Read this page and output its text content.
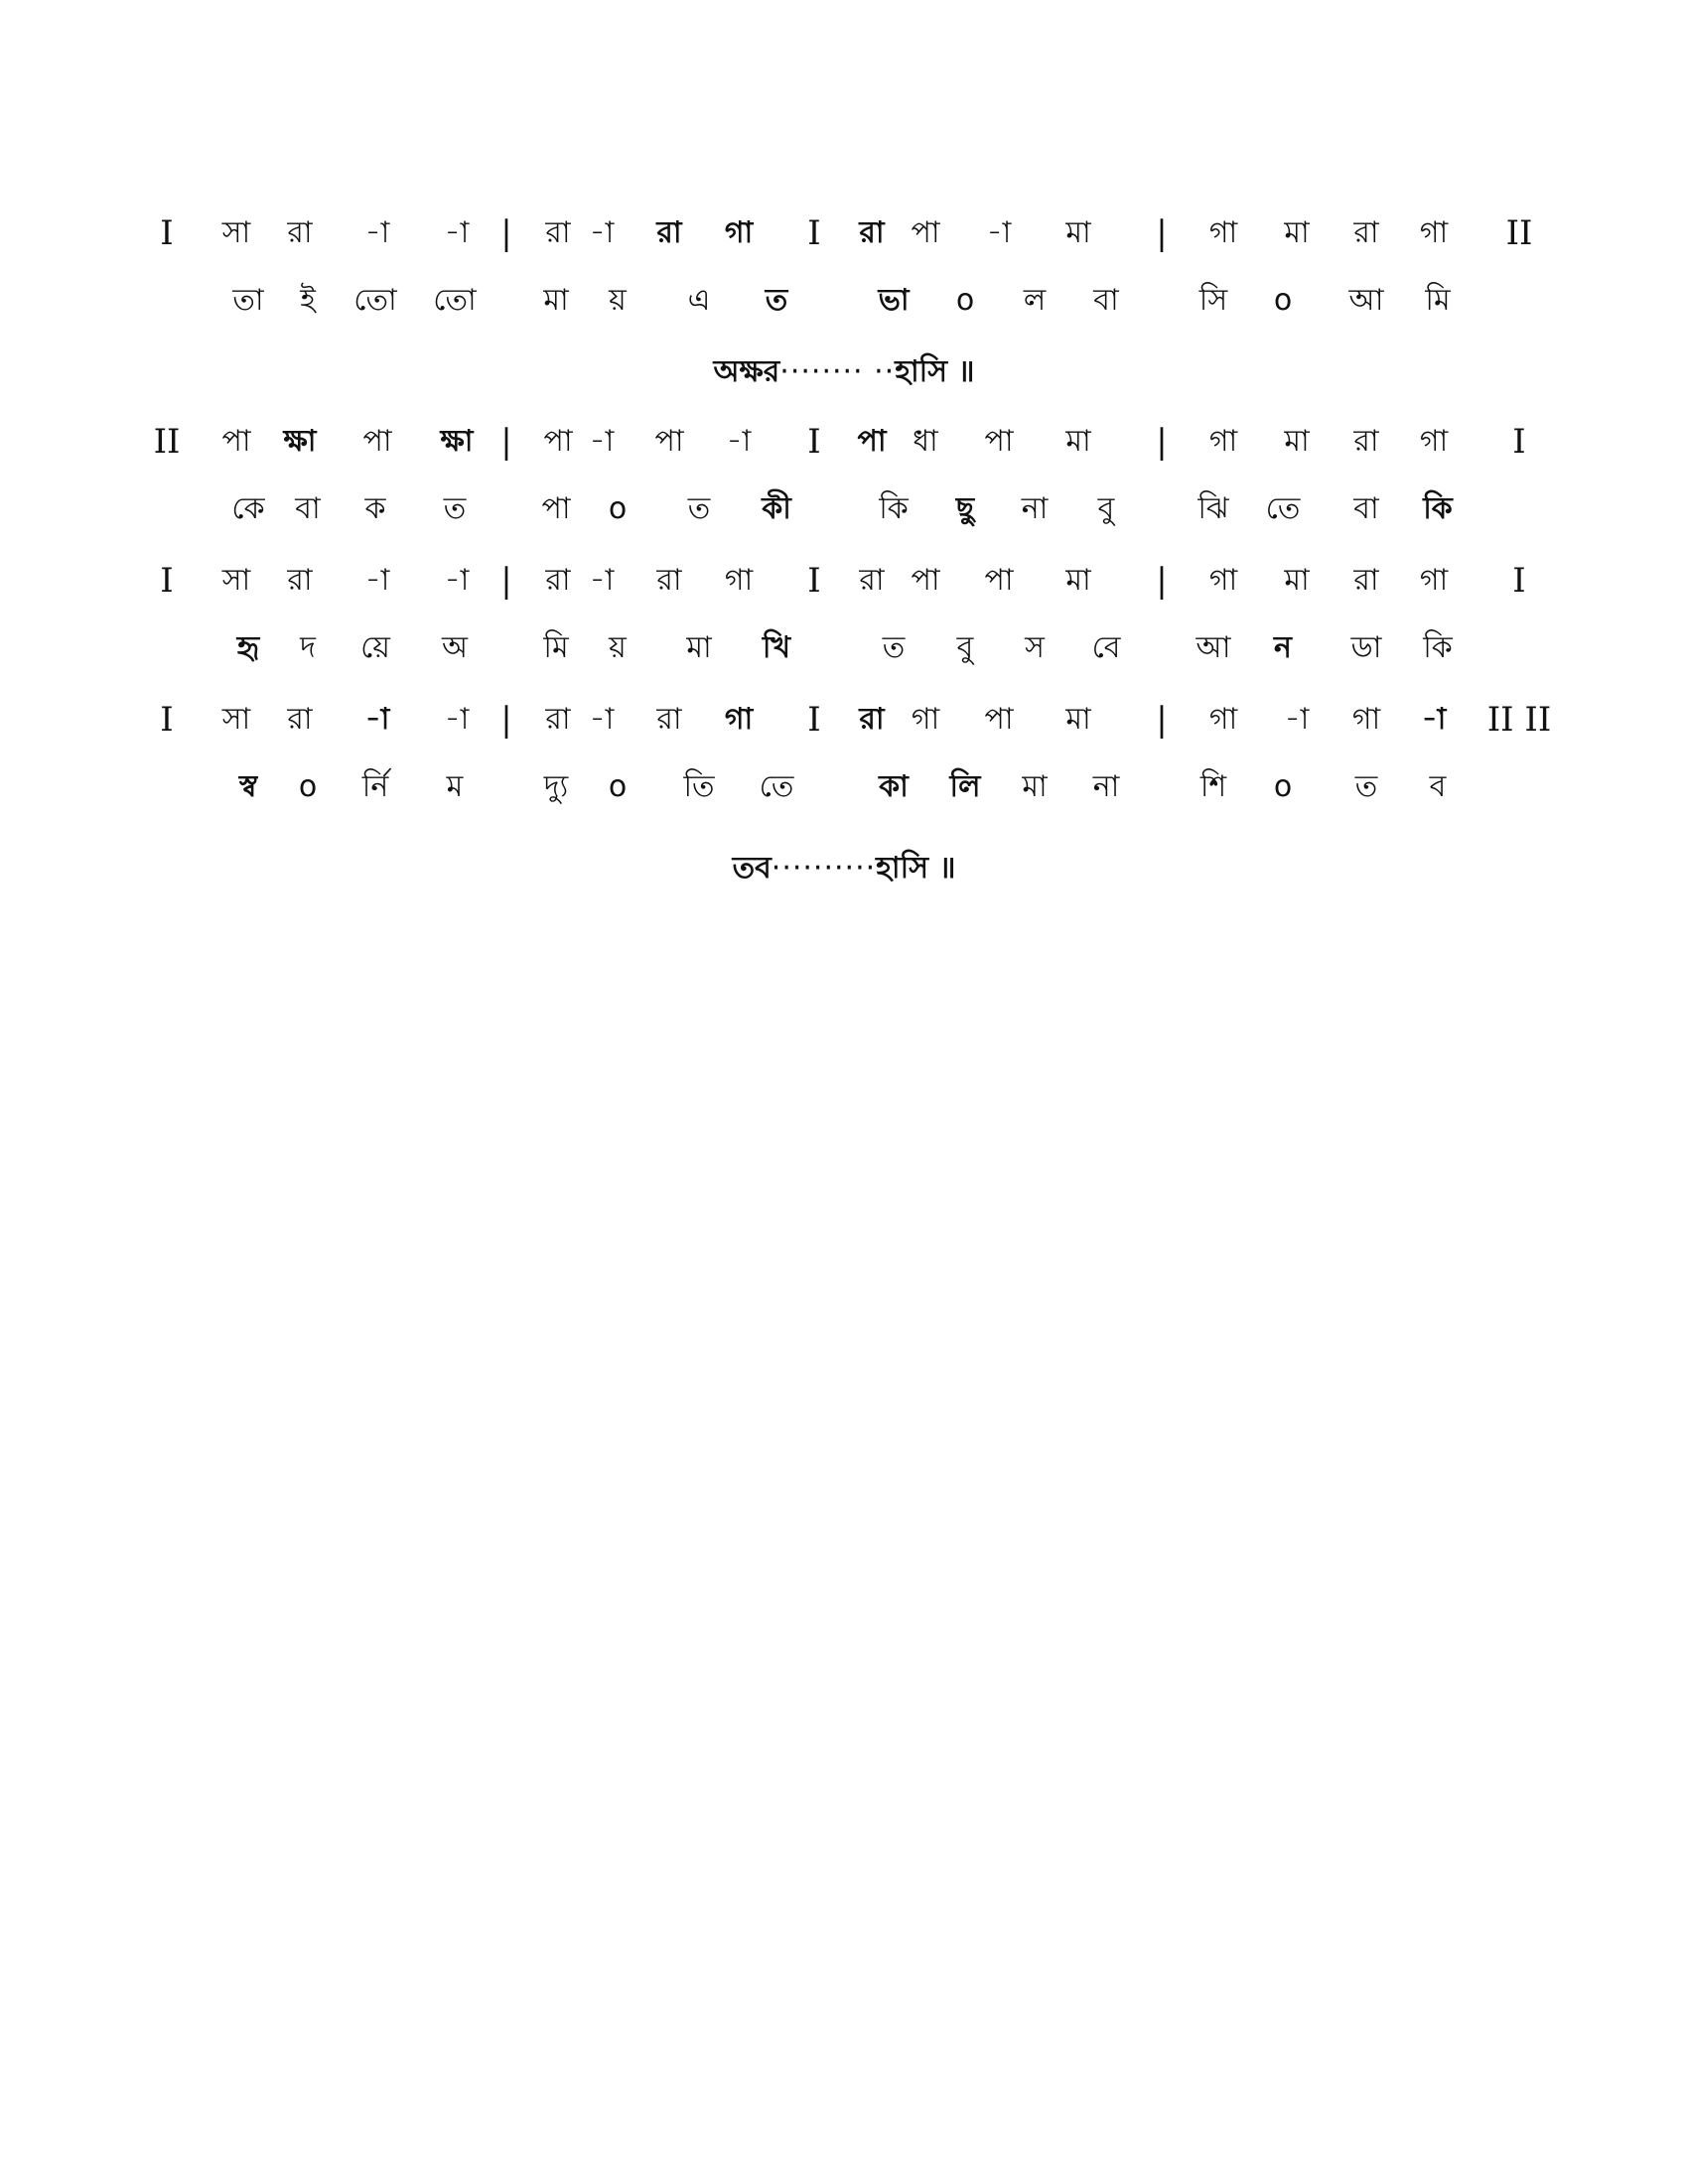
I সা রা -া -া | রা -া রা গা I রা পা -া মা | গা মা রা গা II
তা ই তো তো মা য় এ ত	ভা o ল বা	সি o আ মি
অক্ষর········ ··হাসি ॥
II পা ক্ষা পা ক্ষা | পা -া পা -া I পা ধা পা মা | গা মা রা গা I
কে বা ক ত	পা o ত কী	কি ছু না বু	ঝি তে বা কি
I সা রা -া -া | রা -া রা গা I রা পা পা মা | গা মা রা গা I
হৃ দ য়ে অ	মি য় মা খি	ত বু স বে	আ ন ডা কি
I সা রা -া -া | রা -া রা গা I রা গা পা মা | গা -া গা -া II II
স্ব o র্নি ম	দ্যু o তি তে	কা লি মা না	শি o ত ব
তব··········হাসি ॥
